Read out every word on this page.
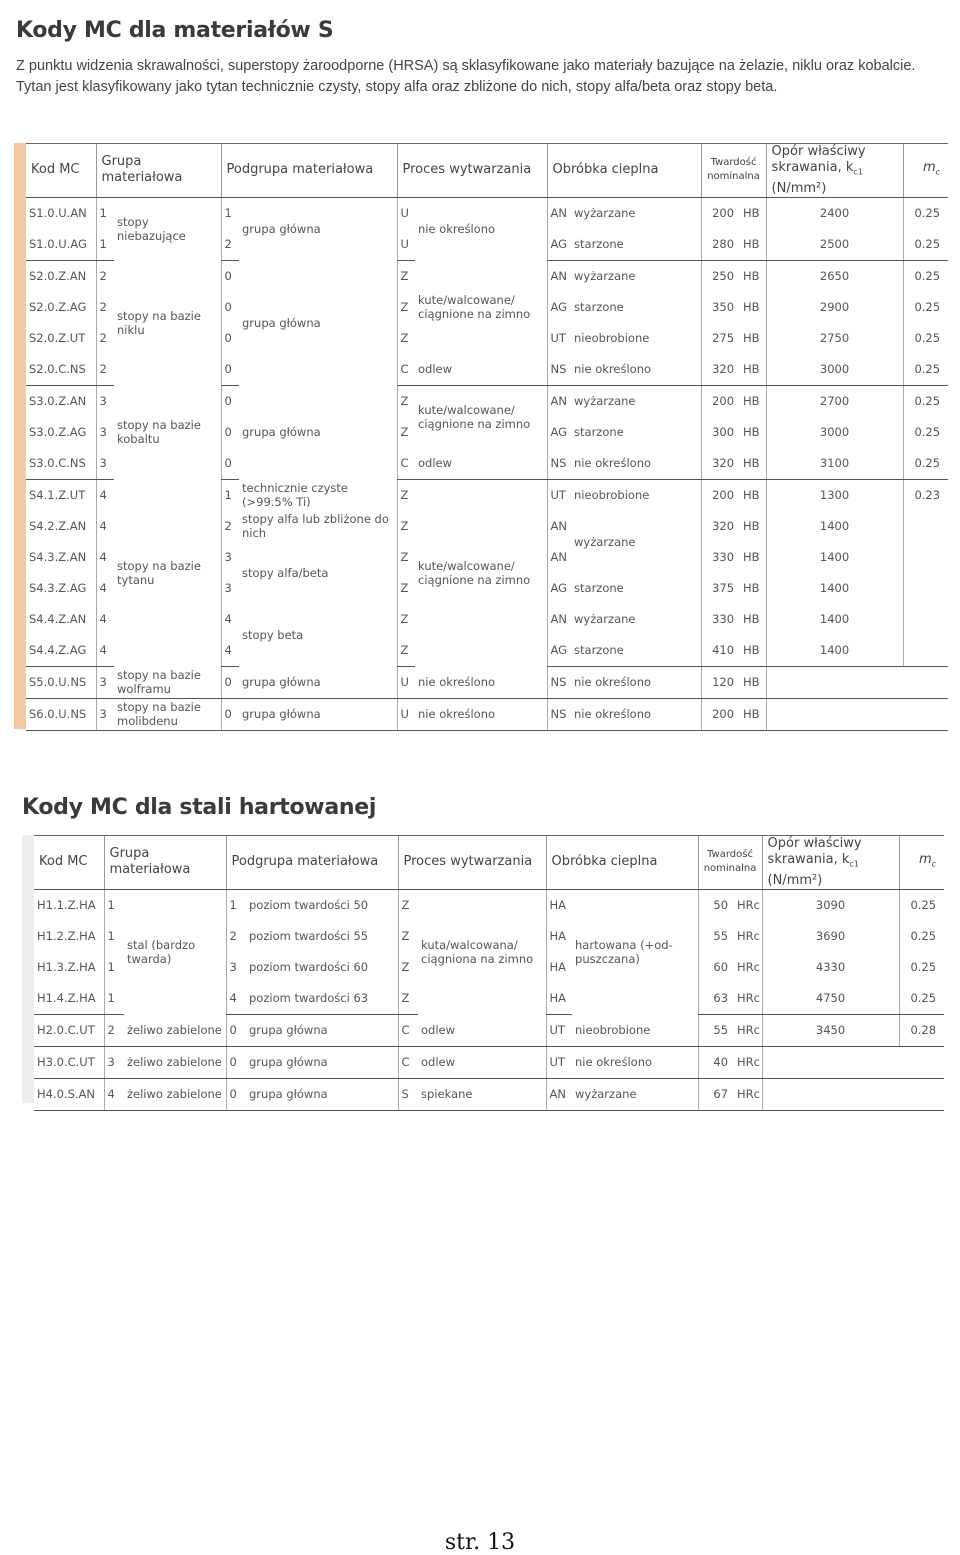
Kody MC dla materiałów S
Z punktu widzenia skrawalności, superstopy żaroodporne (HRSA) są sklasyfikowane jako materiały bazujące na żelazie, niklu oraz kobalcie. Tytan jest klasyfikowany jako tytan technicznie czysty, stopy alfa oraz zbliżone do nich, stopy alfa/beta oraz stopy beta.
Kod MC	Grupa materiałowa		Podgrupa materiałowa		Proces wytwarzania		Obróbka cieplna		Twardość nominalna		Opór właściwy skrawania, $k_{c1}$
(N/mm²)	$m_c$
S1.0.U.AN	1	stopy niebazujące	1	grupa główna	U	nie określono	AN	wyżarzane	200	HB	2400	0.25
S1.0.U.AG	1		2		U		AG	starzone	280	HB	2500	0.25
S2.0.Z.AN	2	stopy na bazie niklu	0	grupa główna	Z	kute/walcowane/ ciągnione na zimno	AN	wyżarzane	250	HB	2650	0.25
S2.0.Z.AG	2		0		Z		AG	starzone	350	HB	2900	0.25
S2.0.Z.UT	2		0		Z		UT	nieobrobione	275	HB	2750	0.25
S2.0.C.NS	2		0		C	odlew	NS	nie określono	320	HB	3000	0.25
S3.0.Z.AN	3	stopy na bazie kobaltu	0	grupa główna	Z	kute/walcowane/ ciągnione na zimno	AN	wyżarzane	200	HB	2700	0.25
S3.0.Z.AG	3		0		Z		AG	starzone	300	HB	3000	0.25
S3.0.C.NS	3		0		C	odlew	NS	nie określono	320	HB	3100	0.25
S4.1.Z.UT	4	stopy na bazie tytanu	1	technicznie czyste (>99.5% Ti)	Z	kute/walcowane/ ciągnione na zimno	UT	nieobrobione	200	HB	1300	0.23
S4.2.Z.AN	4		2	stopy alfa lub zbliżone do nich	Z		AN	wyżarzane	320	HB	1400	
S4.3.Z.AN	4		3	stopy alfa/beta	Z		AN		330	HB	1400	
S4.3.Z.AG	4		3		Z		AG	starzone	375	HB	1400	
S4.4.Z.AN	4		4	stopy beta	Z		AN	wyżarzane	330	HB	1400	
S4.4.Z.AG	4		4		Z		AG	starzone	410	HB	1400	
S5.0.U.NS	3	stopy na bazie wolframu	0	grupa główna	U	nie określono	NS	nie określono	120	HB		
S6.0.U.NS	3	stopy na bazie molibdenu	0	grupa główna	U	nie określono	NS	nie określono	200	HB		
Kody MC dla stali hartowanej
Kod MC	Grupa materiałowa		Podgrupa materiałowa		Proces wytwarzania		Obróbka cieplna		Twardość nominalna		Opór właściwy skrawania, $k_{c1}$
(N/mm²)	$m_c$
H1.1.Z.HA	1	stal (bardzo twarda)	1	poziom twardości 50	Z	kuta/walcowana/ ciągniona na zimno	HA	hartowana (+od- puszczana)	50	HRc	3090	0.25
H1.2.Z.HA	1		2	poziom twardości 55	Z		HA		55	HRc	3690	0.25
H1.3.Z.HA	1		3	poziom twardości 60	Z		HA		60	HRc	4330	0.25
H1.4.Z.HA	1		4	poziom twardości 63	Z		HA		63	HRc	4750	0.25
H2.0.C.UT	2	żeliwo zabielone	0	grupa główna	C	odlew	UT	nieobrobione	55	HRc	3450	0.28
H3.0.C.UT	3	żeliwo zabielone	0	grupa główna	C	odlew	UT	nie określono	40	HRc		
H4.0.S.AN	4	żeliwo zabielone	0	grupa główna	S	spiekane	AN	wyżarzane	67	HRc		
str. 13
